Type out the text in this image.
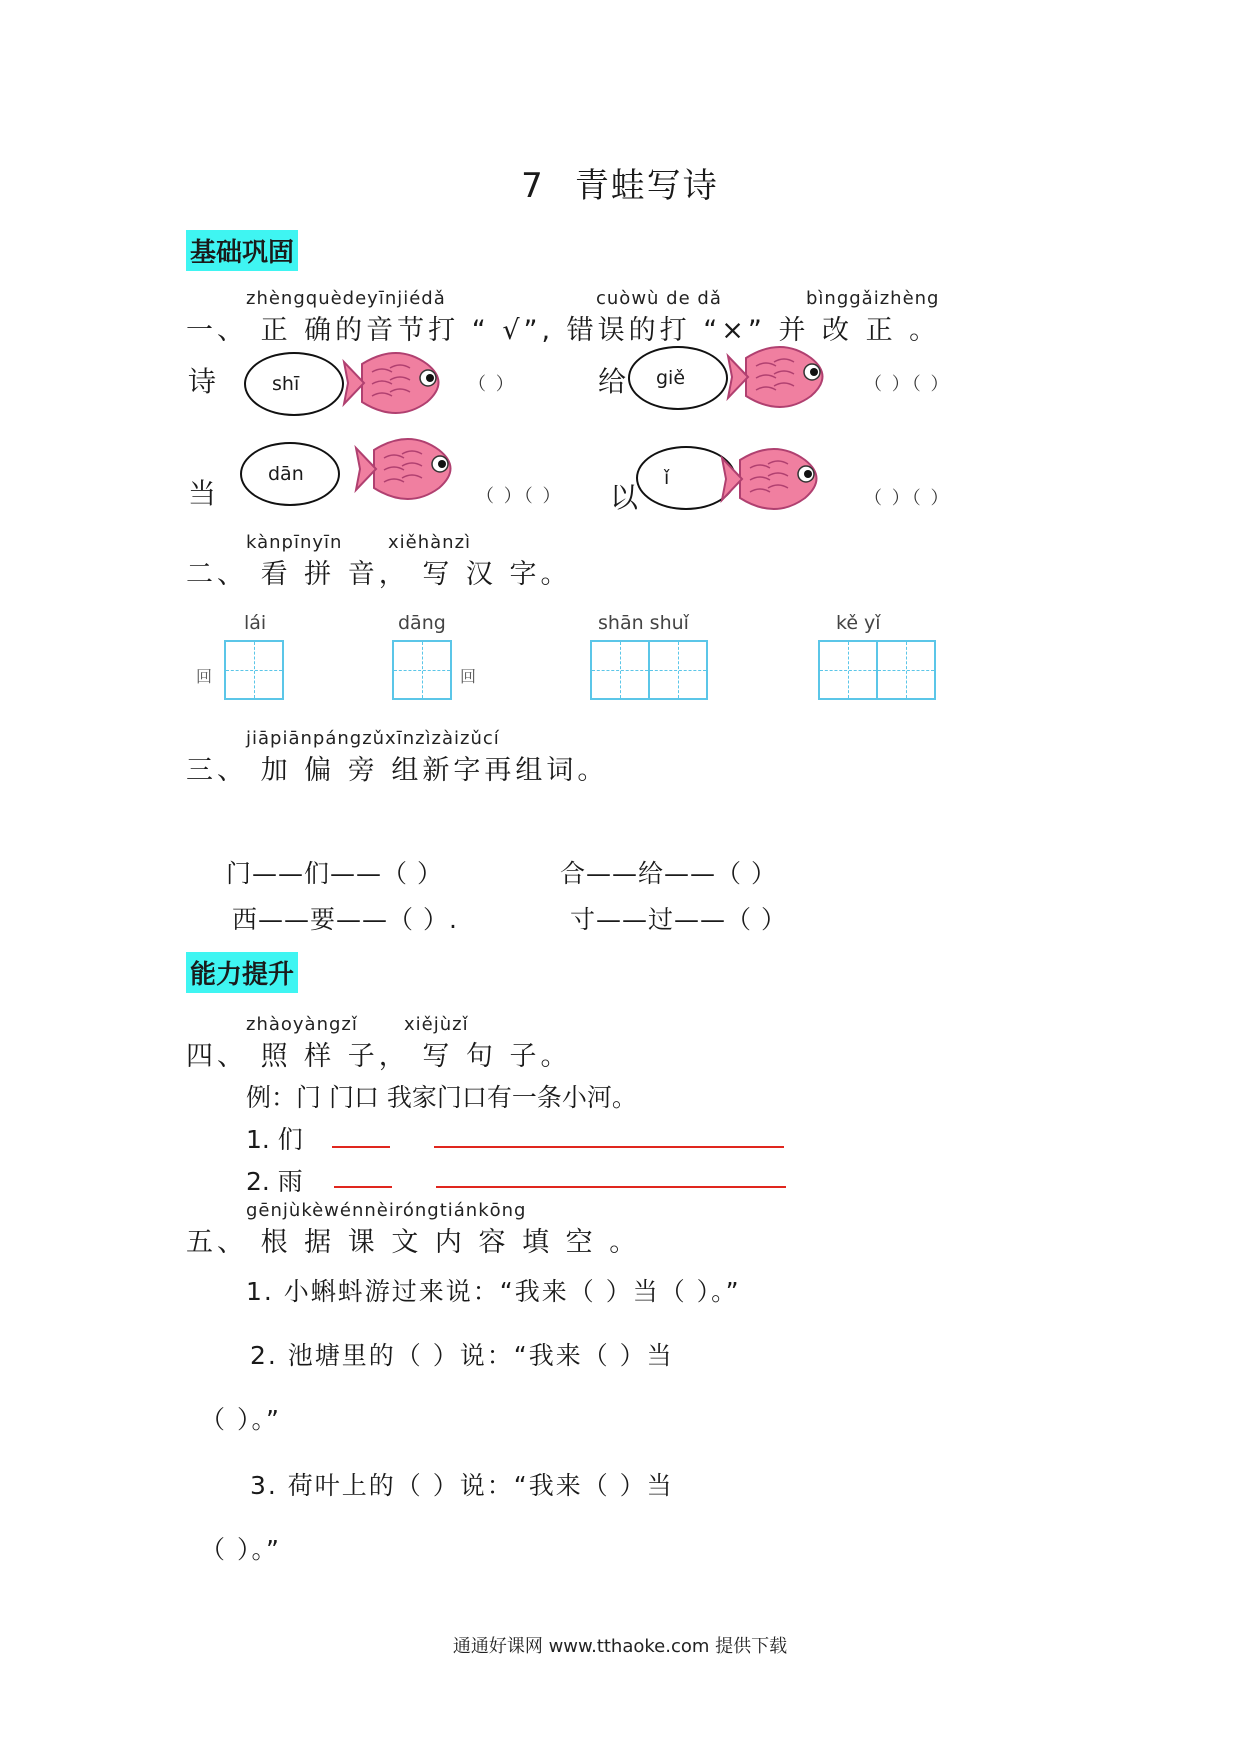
7 青蛙写诗
基础巩固
zhèngquèdeyīnjiédǎ	cuòwù de dǎ	bìnggǎizhèng
一、 正 确的音节打 “ √”, 错误的打 “×” 并 改 正 。
诗	shī	（ ）	给 giě	（ ）（ ）
当
dān
（ ）（ ） 以
ǐ
（ ）（ ）
kànpīnyīn	xiěhànzì
二、 看 拼 音， 写 汉 字。
lái
回
dāng
回
shān shuǐ	kě yǐ
jiāpiānpángzǔxīnzìzàizǔcí
三、 加 偏 旁 组新字再组词。
门——们——（ ）	合——给——（ ）
西——要——（ ）.	寸——过——（ ）
能力提升
zhàoyàngzǐ	xiějùzǐ
四、 照 样 子， 写 句 子。
例：门 门口 我家门口有一条小河。
1. 们
2. 雨
gēnjùkèwénnèiróngtiánkōng
五、 根 据 课 文 内 容 填 空 。
1. 小蝌蚪游过来说：“我来（ ）当（ ）。”
2. 池塘里的（ ）说：“我来（ ）当
（ ）。”
3. 荷叶上的（ ）说：“我来（ ）当
（ ）。”
通通好课网 www.tthaoke.com 提供下载
